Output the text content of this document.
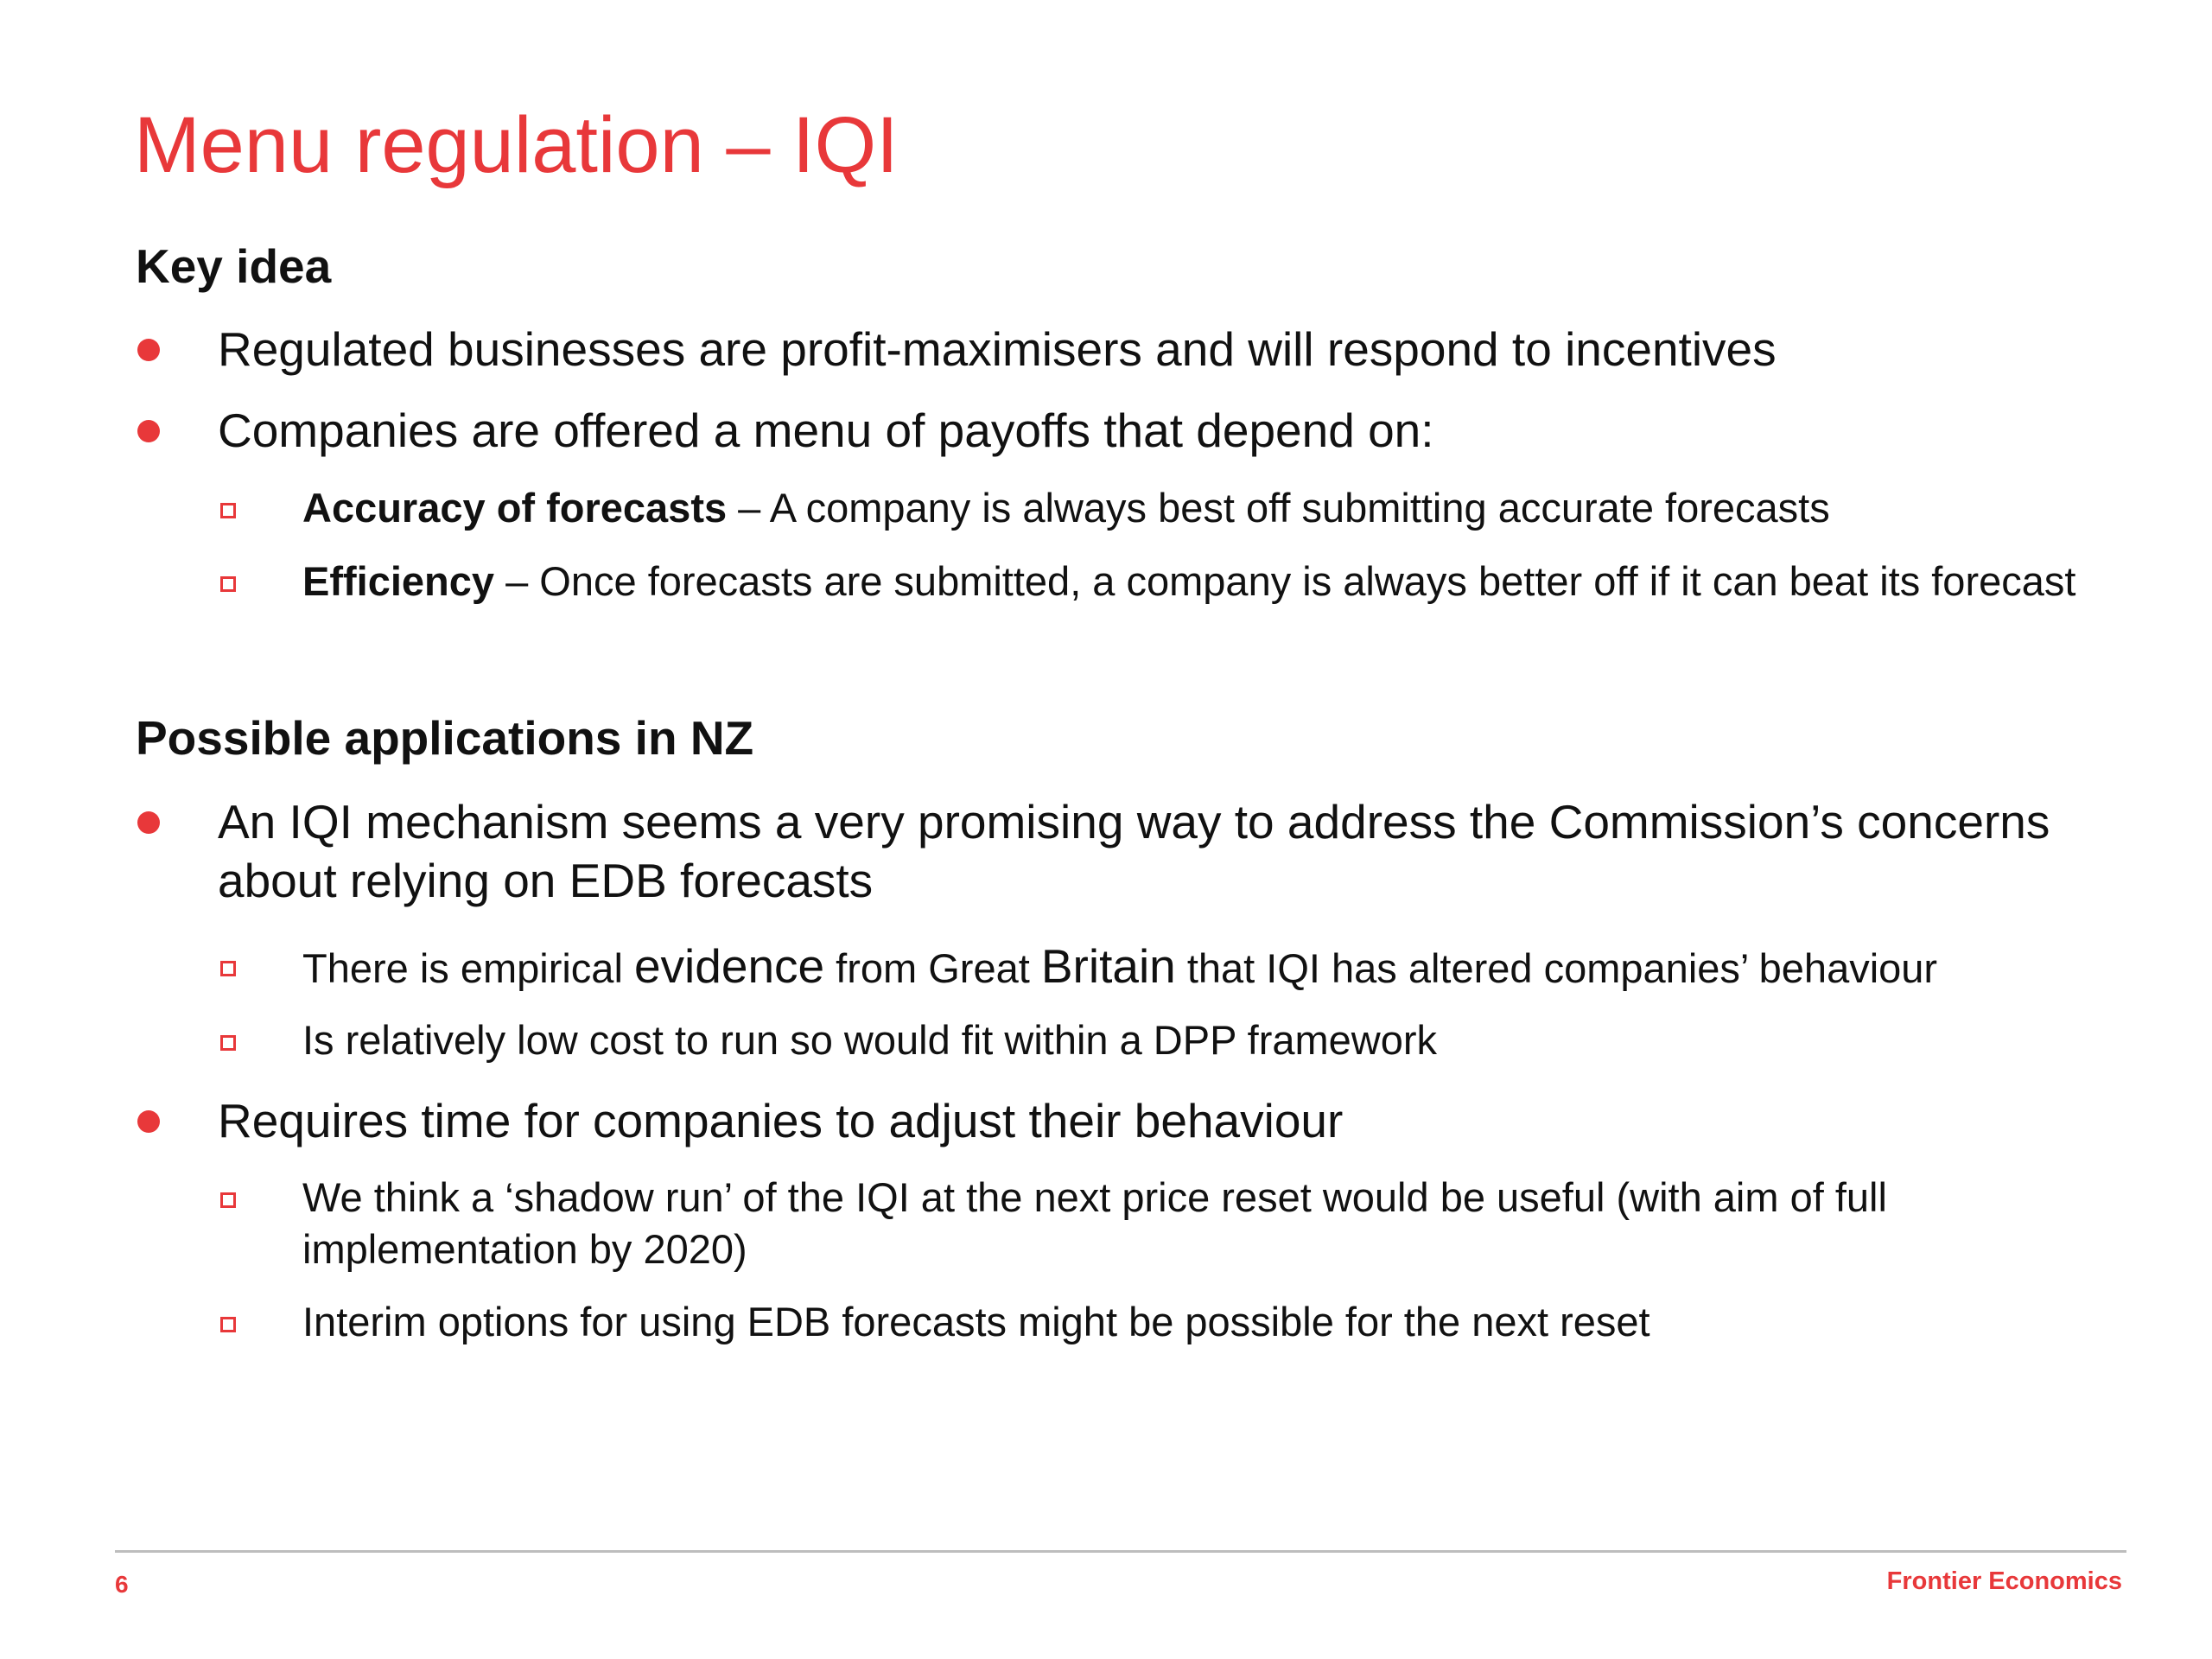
Menu regulation – IQI
Key idea
Regulated businesses are profit-maximisers and will respond to incentives
Companies are offered a menu of payoffs that depend on:
Accuracy of forecasts – A company is always best off submitting accurate forecasts
Efficiency – Once forecasts are submitted, a company is always better off if it can beat its forecast
Possible applications in NZ
An IQI mechanism seems a very promising way to address the Commission’s concerns about relying on EDB forecasts
There is empirical evidence from Great Britain that IQI has altered companies’ behaviour
Is relatively low cost to run so would fit within a DPP framework
Requires time for companies to adjust their behaviour
We think a ‘shadow run’ of the IQI at the next price reset would be useful (with aim of full implementation by 2020)
Interim options for using EDB forecasts might be possible for the next reset
6	Frontier Economics
